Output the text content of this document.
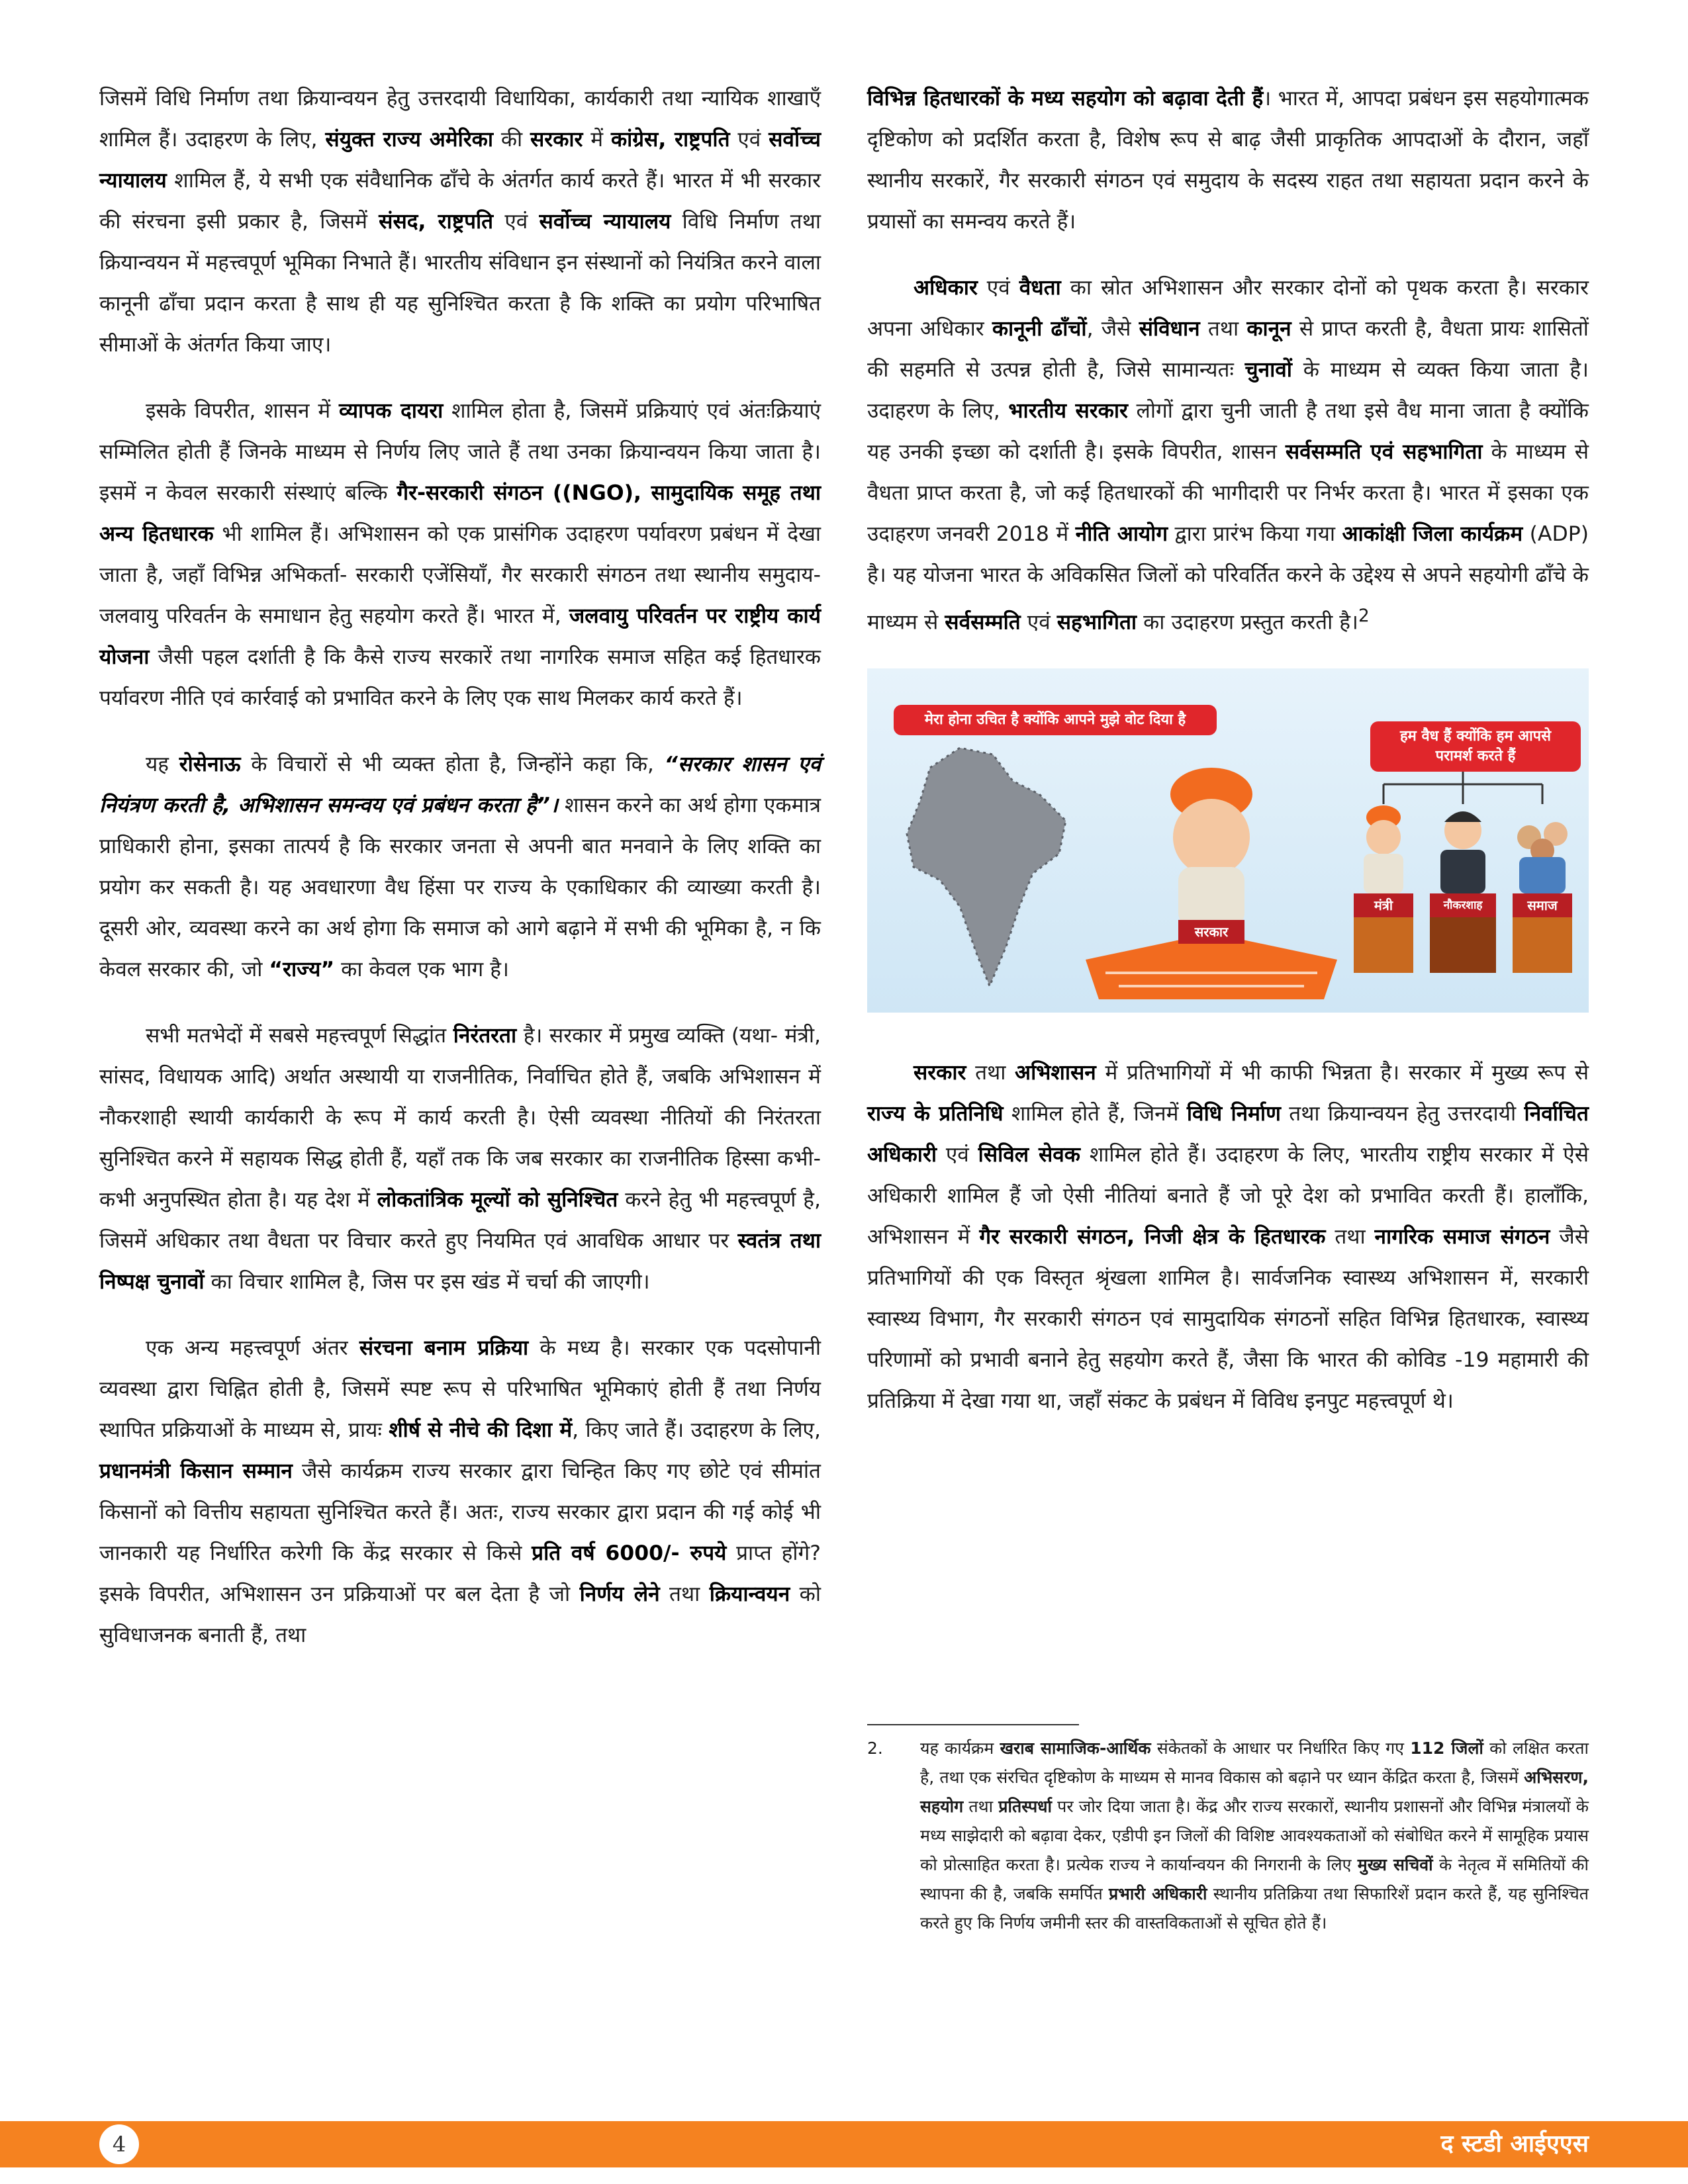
जिसमें विधि निर्माण तथा क्रियान्वयन हेतु उत्तरदायी विधायिका, कार्यकारी तथा न्यायिक शाखाएँ शामिल हैं। उदाहरण के लिए, संयुक्त राज्य अमेरिका की सरकार में कांग्रेस, राष्ट्रपति एवं सर्वोच्च न्यायालय शामिल हैं, ये सभी एक संवैधानिक ढाँचे के अंतर्गत कार्य करते हैं। भारत में भी सरकार की संरचना इसी प्रकार है, जिसमें संसद, राष्ट्रपति एवं सर्वोच्च न्यायालय विधि निर्माण तथा क्रियान्वयन में महत्त्वपूर्ण भूमिका निभाते हैं। भारतीय संविधान इन संस्थानों को नियंत्रित करने वाला कानूनी ढाँचा प्रदान करता है साथ ही यह सुनिश्चित करता है कि शक्ति का प्रयोग परिभाषित सीमाओं के अंतर्गत किया जाए।

इसके विपरीत, शासन में व्यापक दायरा शामिल होता है, जिसमें प्रक्रियाएं एवं अंतःक्रियाएं सम्मिलित होती हैं जिनके माध्यम से निर्णय लिए जाते हैं तथा उनका क्रियान्वयन किया जाता है। इसमें न केवल सरकारी संस्थाएं बल्कि गैर-सरकारी संगठन ((NGO), सामुदायिक समूह तथा अन्य हितधारक भी शामिल हैं। अभिशासन को एक प्रासंगिक उदाहरण पर्यावरण प्रबंधन में देखा जाता है, जहाँ विभिन्न अभिकर्ता- सरकारी एजेंसियाँ, गैर सरकारी संगठन तथा स्थानीय समुदाय- जलवायु परिवर्तन के समाधान हेतु सहयोग करते हैं। भारत में, जलवायु परिवर्तन पर राष्ट्रीय कार्य योजना जैसी पहल दर्शाती है कि कैसे राज्य सरकारें तथा नागरिक समाज सहित कई हितधारक पर्यावरण नीति एवं कार्रवाई को प्रभावित करने के लिए एक साथ मिलकर कार्य करते हैं।

यह रोसेनाऊ के विचारों से भी व्यक्त होता है, जिन्होंने कहा कि, “सरकार शासन एवं नियंत्रण करती है, अभिशासन समन्वय एवं प्रबंधन करता है”। शासन करने का अर्थ होगा एकमात्र प्राधिकारी होना, इसका तात्पर्य है कि सरकार जनता से अपनी बात मनवाने के लिए शक्ति का प्रयोग कर सकती है। यह अवधारणा वैध हिंसा पर राज्य के एकाधिकार की व्याख्या करती है। दूसरी ओर, व्यवस्था करने का अर्थ होगा कि समाज को आगे बढ़ाने में सभी की भूमिका है, न कि केवल सरकार की, जो “राज्य” का केवल एक भाग है।

सभी मतभेदों में सबसे महत्त्वपूर्ण सिद्धांत निरंतरता है। सरकार में प्रमुख व्यक्ति (यथा- मंत्री, सांसद, विधायक आदि) अर्थात अस्थायी या राजनीतिक, निर्वाचित होते हैं, जबकि अभिशासन में नौकरशाही स्थायी कार्यकारी के रूप में कार्य करती है। ऐसी व्यवस्था नीतियों की निरंतरता सुनिश्चित करने में सहायक सिद्ध होती हैं, यहाँ तक कि जब सरकार का राजनीतिक हिस्सा कभी-कभी अनुपस्थित होता है। यह देश में लोकतांत्रिक मूल्यों को सुनिश्चित करने हेतु भी महत्त्वपूर्ण है, जिसमें अधिकार तथा वैधता पर विचार करते हुए नियमित एवं आवधिक आधार पर स्वतंत्र तथा निष्पक्ष चुनावों का विचार शामिल है, जिस पर इस खंड में चर्चा की जाएगी।

एक अन्य महत्त्वपूर्ण अंतर संरचना बनाम प्रक्रिया के मध्य है। सरकार एक पदसोपानी व्यवस्था द्वारा चिह्नित होती है, जिसमें स्पष्ट रूप से परिभाषित भूमिकाएं होती हैं तथा निर्णय स्थापित प्रक्रियाओं के माध्यम से, प्रायः शीर्ष से नीचे की दिशा में, किए जाते हैं। उदाहरण के लिए, प्रधानमंत्री किसान सम्मान जैसे कार्यक्रम राज्य सरकार द्वारा चिन्हित किए गए छोटे एवं सीमांत किसानों को वित्तीय सहायता सुनिश्चित करते हैं। अतः, राज्य सरकार द्वारा प्रदान की गई कोई भी जानकारी यह निर्धारित करेगी कि केंद्र सरकार से किसे प्रति वर्ष 6000/- रुपये प्राप्त होंगे? इसके विपरीत, अभिशासन उन प्रक्रियाओं पर बल देता है जो निर्णय लेने तथा क्रियान्वयन को सुविधाजनक बनाती हैं, तथा

विभिन्न हितधारकों के मध्य सहयोग को बढ़ावा देती हैं। भारत में, आपदा प्रबंधन इस सहयोगात्मक दृष्टिकोण को प्रदर्शित करता है, विशेष रूप से बाढ़ जैसी प्राकृतिक आपदाओं के दौरान, जहाँ स्थानीय सरकारें, गैर सरकारी संगठन एवं समुदाय के सदस्य राहत तथा सहायता प्रदान करने के प्रयासों का समन्वय करते हैं।

अधिकार एवं वैधता का स्रोत अभिशासन और सरकार दोनों को पृथक करता है। सरकार अपना अधिकार कानूनी ढाँचों, जैसे संविधान तथा कानून से प्राप्त करती है, वैधता प्रायः शासितों की सहमति से उत्पन्न होती है, जिसे सामान्यतः चुनावों के माध्यम से व्यक्त किया जाता है। उदाहरण के लिए, भारतीय सरकार लोगों द्वारा चुनी जाती है तथा इसे वैध माना जाता है क्योंकि यह उनकी इच्छा को दर्शाती है। इसके विपरीत, शासन सर्वसम्मति एवं सहभागिता के माध्यम से वैधता प्राप्त करता है, जो कई हितधारकों की भागीदारी पर निर्भर करता है। भारत में इसका एक उदाहरण जनवरी 2018 में नीति आयोग द्वारा प्रारंभ किया गया आकांक्षी जिला कार्यक्रम (ADP) है। यह योजना भारत के अविकसित जिलों को परिवर्तित करने के उद्देश्य से अपने सहयोगी ढाँचे के माध्यम से सर्वसम्मति एवं सहभागिता का उदाहरण प्रस्तुत करती है।$^2$

मेरा होना उचित है क्योंकि आपने मुझे वोट दिया है
हम वैध हैं क्योंकि हम आपसे परामर्श करते हैं
सरकार
मंत्री	नौकरशाह	समाज

सरकार तथा अभिशासन में प्रतिभागियों में भी काफी भिन्नता है। सरकार में मुख्य रूप से राज्य के प्रतिनिधि शामिल होते हैं, जिनमें विधि निर्माण तथा क्रियान्वयन हेतु उत्तरदायी निर्वाचित अधिकारी एवं सिविल सेवक शामिल होते हैं। उदाहरण के लिए, भारतीय राष्ट्रीय सरकार में ऐसे अधिकारी शामिल हैं जो ऐसी नीतियां बनाते हैं जो पूरे देश को प्रभावित करती हैं। हालाँकि, अभिशासन में गैर सरकारी संगठन, निजी क्षेत्र के हितधारक तथा नागरिक समाज संगठन जैसे प्रतिभागियों की एक विस्तृत श्रृंखला शामिल है। सार्वजनिक स्वास्थ्य अभिशासन में, सरकारी स्वास्थ्य विभाग, गैर सरकारी संगठन एवं सामुदायिक संगठनों सहित विभिन्न हितधारक, स्वास्थ्य परिणामों को प्रभावी बनाने हेतु सहयोग करते हैं, जैसा कि भारत की कोविड -19 महामारी की प्रतिक्रिया में देखा गया था, जहाँ संकट के प्रबंधन में विविध इनपुट महत्त्वपूर्ण थे।

2. यह कार्यक्रम खराब सामाजिक-आर्थिक संकेतकों के आधार पर निर्धारित किए गए 112 जिलों को लक्षित करता है, तथा एक संरचित दृष्टिकोण के माध्यम से मानव विकास को बढ़ाने पर ध्यान केंद्रित करता है, जिसमें अभिसरण, सहयोग तथा प्रतिस्पर्धा पर जोर दिया जाता है। केंद्र और राज्य सरकारों, स्थानीय प्रशासनों और विभिन्न मंत्रालयों के मध्य साझेदारी को बढ़ावा देकर, एडीपी इन जिलों की विशिष्ट आवश्यकताओं को संबोधित करने में सामूहिक प्रयास को प्रोत्साहित करता है। प्रत्येक राज्य ने कार्यान्वयन की निगरानी के लिए मुख्य सचिवों के नेतृत्व में समितियों की स्थापना की है, जबकि समर्पित प्रभारी अधिकारी स्थानीय प्रतिक्रिया तथा सिफारिशें प्रदान करते हैं, यह सुनिश्चित करते हुए कि निर्णय जमीनी स्तर की वास्तविकताओं से सूचित होते हैं।
4	द स्टडी आईएएस
